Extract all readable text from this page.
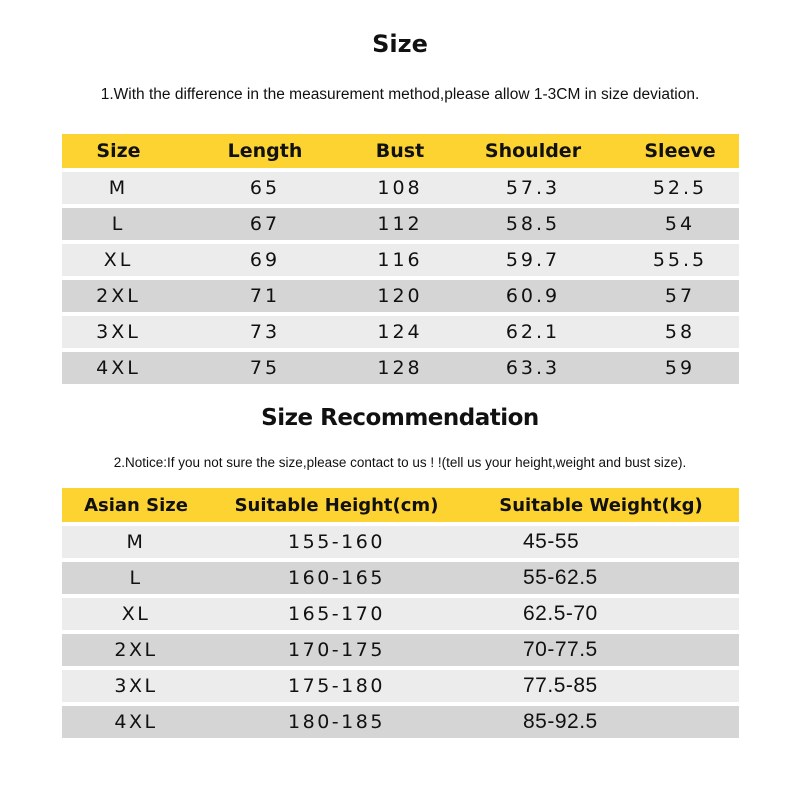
Size
1.With the difference in the measurement method,please allow 1-3CM in size deviation.
Size	Length	Bust	Shoulder	Sleeve
M	65	108	57.3	52.5
L	67	112	58.5	54
XL	69	116	59.7	55.5
2XL	71	120	60.9	57
3XL	73	124	62.1	58
4XL	75	128	63.3	59
Size Recommendation
2.Notice:If you not sure the size,please contact to us ! !(tell us your height,weight and bust size).
Asian Size	Suitable Height(cm)	Suitable Weight(kg)
M	155-160	45-55
L	160-165	55-62.5
XL	165-170	62.5-70
2XL	170-175	70-77.5
3XL	175-180	77.5-85
4XL	180-185	85-92.5
